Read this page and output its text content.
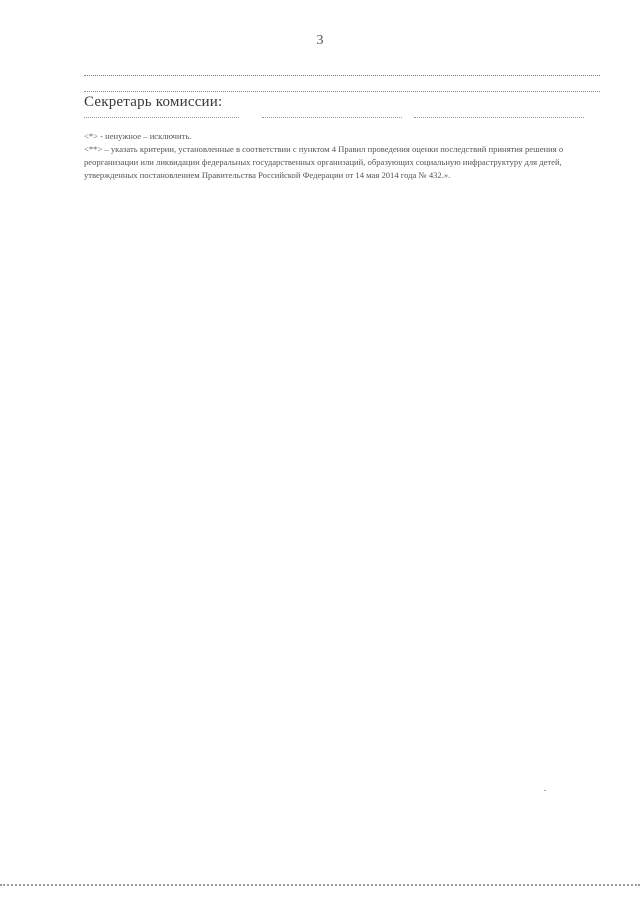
3
Секретарь комиссии:

<*> - ненужное – исключить.

<**> – указать критерии, установленные в соответствии с пунктом 4 Правил проведения оценки последствий принятия решения о реорганизации или ликвидации федеральных государственных организаций, образующих социальную инфраструктуру для детей, утвержденных постановлением Правительства Российской Федерации от 14 мая 2014 года № 432.».
